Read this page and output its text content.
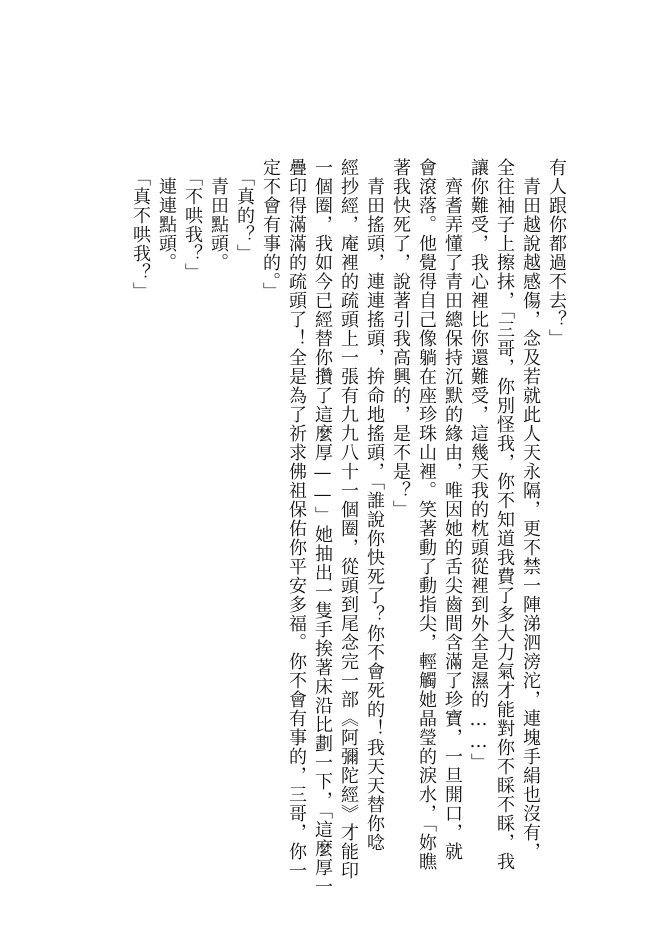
有人跟你都過不去？」
　青田越說越感傷，念及若就此人天永隔，更不禁一陣涕泗滂沱，連塊手絹也沒有，
全往袖子上擦抹，「三哥，你別怪我，你不知道我費了多大力氣才能對你不睬不睬，我
讓你難受，我心裡比你還難受，這幾天我的枕頭從裡到外全是濕的……」
　齊耆弄懂了青田總保持沉默的緣由，唯因她的舌尖齒間含滿了珍寶，一旦開口，就
會滾落。他覺得自己像躺在座珍珠山裡。笑著動了動指尖，輕觸她晶瑩的淚水，「妳瞧
著我快死了，說著引我高興的，是不是？」
　青田搖頭，連連搖頭，拚命地搖頭，「誰說你快死了？你不會死的！我天天替你唸
經抄經，庵裡的疏頭上一張有九九八十一個圈，從頭到尾念完一部《阿彌陀經》才能印
一個圈，我如今已經替你攢了這麼厚——」她抽出一隻手挨著床沿比劃一下，「這麼厚一
疊印得滿滿的疏頭了！全是為了祈求佛祖保佑你平安多福。你不會有事的，三哥，你一
定不會有事的。」
　「真的？」
　青田點頭。
　「不哄我？」
　連連點頭。
　「真不哄我？」
